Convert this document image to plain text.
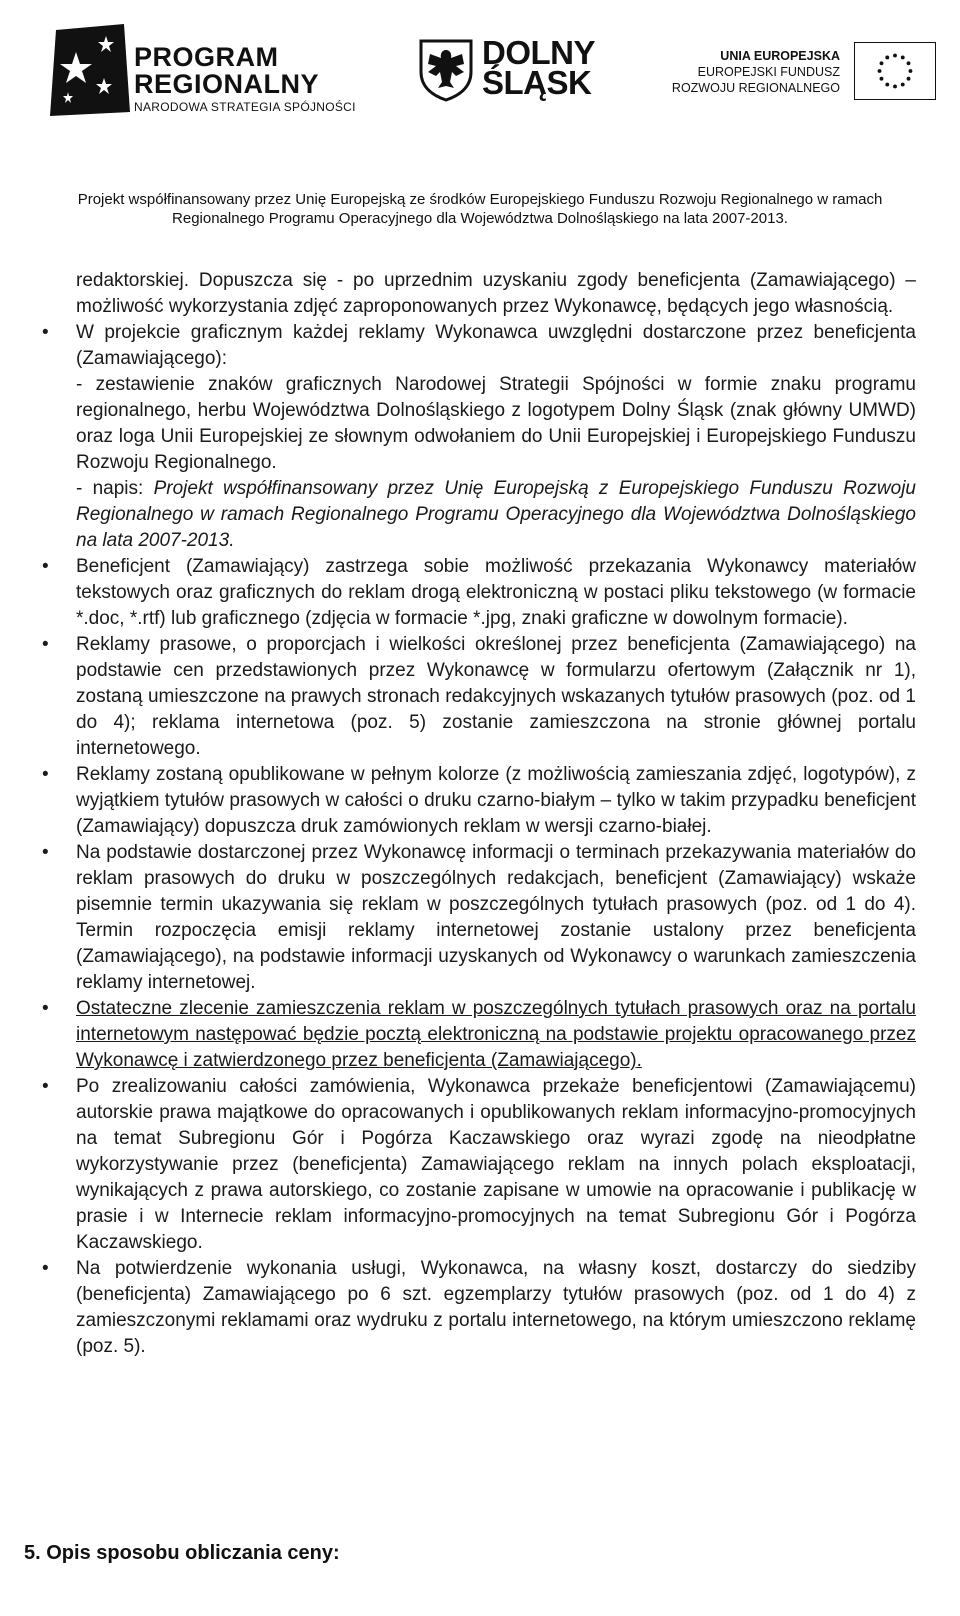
PROGRAM
REGIONALNY
NARODOWA STRATEGIA SPÓJNOŚCI
DOLNY
ŚLĄSK
UNIA EUROPEJSKA
EUROPEJSKI FUNDUSZ
ROZWOJU REGIONALNEGO
Projekt współfinansowany przez Unię Europejską ze środków Europejskiego Funduszu Rozwoju Regionalnego w ramach
Regionalnego Programu Operacyjnego dla Województwa Dolnośląskiego na lata 2007-2013.

redaktorskiej. Dopuszcza się - po uprzednim uzyskaniu zgody beneficjenta (Zamawiającego) – możliwość wykorzystania zdjęć zaproponowanych przez Wykonawcę, będących jego własnością.

• W projekcie graficznym każdej reklamy Wykonawca uwzględni dostarczone przez beneficjenta (Zamawiającego):

- zestawienie znaków graficznych Narodowej Strategii Spójności w formie znaku programu regionalnego, herbu Województwa Dolnośląskiego z logotypem Dolny Śląsk (znak główny UMWD) oraz loga Unii Europejskiej ze słownym odwołaniem do Unii Europejskiej i Europejskiego Funduszu Rozwoju Regionalnego.

- napis: Projekt współfinansowany przez Unię Europejską z Europejskiego Funduszu Rozwoju Regionalnego w ramach Regionalnego Programu Operacyjnego dla Województwa Dolnośląskiego na lata 2007-2013.

• Beneficjent (Zamawiający) zastrzega sobie możliwość przekazania Wykonawcy materiałów tekstowych oraz graficznych do reklam drogą elektroniczną w postaci pliku tekstowego (w formacie *.doc, *.rtf) lub graficznego (zdjęcia w formacie *.jpg, znaki graficzne w dowolnym formacie).

• Reklamy prasowe, o proporcjach i wielkości określonej przez beneficjenta (Zamawiającego) na podstawie cen przedstawionych przez Wykonawcę w formularzu ofertowym (Załącznik nr 1), zostaną umieszczone na prawych stronach redakcyjnych wskazanych tytułów prasowych (poz. od 1 do 4); reklama internetowa (poz. 5) zostanie zamieszczona na stronie głównej portalu internetowego.

• Reklamy zostaną opublikowane w pełnym kolorze (z możliwością zamieszania zdjęć, logotypów), z wyjątkiem tytułów prasowych w całości o druku czarno-białym – tylko w takim przypadku beneficjent (Zamawiający) dopuszcza druk zamówionych reklam w wersji czarno-białej.

• Na podstawie dostarczonej przez Wykonawcę informacji o terminach przekazywania materiałów do reklam prasowych do druku w poszczególnych redakcjach, beneficjent (Zamawiający) wskaże pisemnie termin ukazywania się reklam w poszczególnych tytułach prasowych (poz. od 1 do 4). Termin rozpoczęcia emisji reklamy internetowej zostanie ustalony przez beneficjenta (Zamawiającego), na podstawie informacji uzyskanych od Wykonawcy o warunkach zamieszczenia reklamy internetowej.

• Ostateczne zlecenie zamieszczenia reklam w poszczególnych tytułach prasowych oraz na portalu internetowym następować będzie pocztą elektroniczną na podstawie projektu opracowanego przez Wykonawcę i zatwierdzonego przez beneficjenta (Zamawiającego).

• Po zrealizowaniu całości zamówienia, Wykonawca przekaże beneficjentowi (Zamawiającemu) autorskie prawa majątkowe do opracowanych i opublikowanych reklam informacyjno-promocyjnych na temat Subregionu Gór i Pogórza Kaczawskiego oraz wyrazi zgodę na nieodpłatne wykorzystywanie przez (beneficjenta) Zamawiającego reklam na innych polach eksploatacji, wynikających z prawa autorskiego, co zostanie zapisane w umowie na opracowanie i publikację w prasie i w Internecie reklam informacyjno-promocyjnych na temat Subregionu Gór i Pogórza Kaczawskiego.

• Na potwierdzenie wykonania usługi, Wykonawca, na własny koszt, dostarczy do siedziby (beneficjenta) Zamawiającego po 6 szt. egzemplarzy tytułów prasowych (poz. od 1 do 4) z zamieszczonymi reklamami oraz wydruku z portalu internetowego, na którym umieszczono reklamę (poz. 5).

5. Opis sposobu obliczania ceny:
